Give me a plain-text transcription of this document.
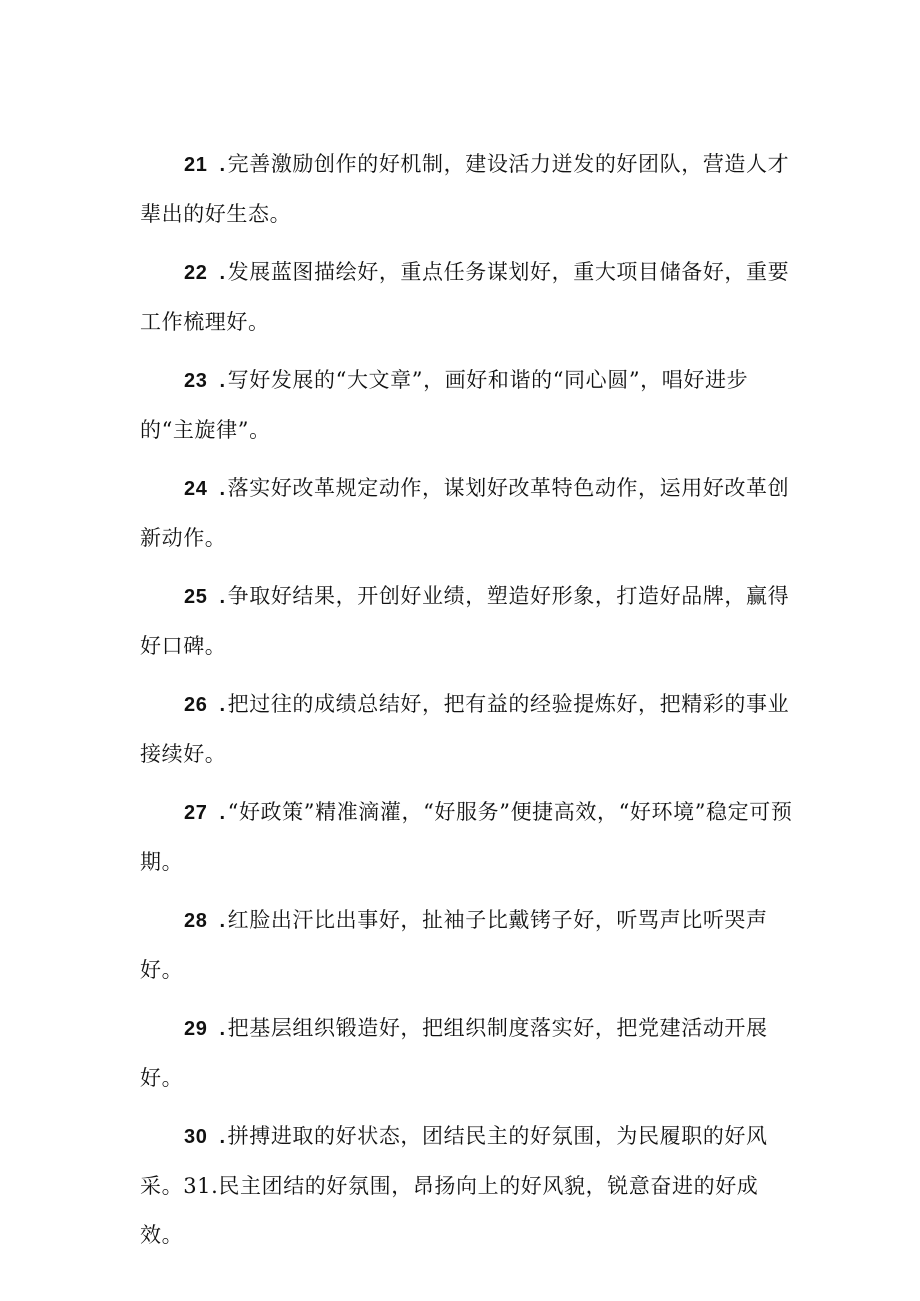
21 .完善激励创作的好机制，建设活力迸发的好团队，营造人才辈出的好生态。

22 .发展蓝图描绘好，重点任务谋划好，重大项目储备好，重要工作梳理好。

23 .写好发展的“大文章”，画好和谐的“同心圆”，唱好进步的“主旋律”。

24 .落实好改革规定动作，谋划好改革特色动作，运用好改革创新动作。

25 .争取好结果，开创好业绩，塑造好形象，打造好品牌，赢得好口碑。

26 .把过往的成绩总结好，把有益的经验提炼好，把精彩的事业接续好。

27 .“好政策”精准滴灌，“好服务”便捷高效，“好环境”稳定可预期。

28 .红脸出汗比出事好，扯袖子比戴铐子好，听骂声比听哭声好。

29 .把基层组织锻造好，把组织制度落实好，把党建活动开展好。

30 .拼搏进取的好状态，团结民主的好氛围，为民履职的好风采。31.民主团结的好氛围，昂扬向上的好风貌，锐意奋进的好成效。
